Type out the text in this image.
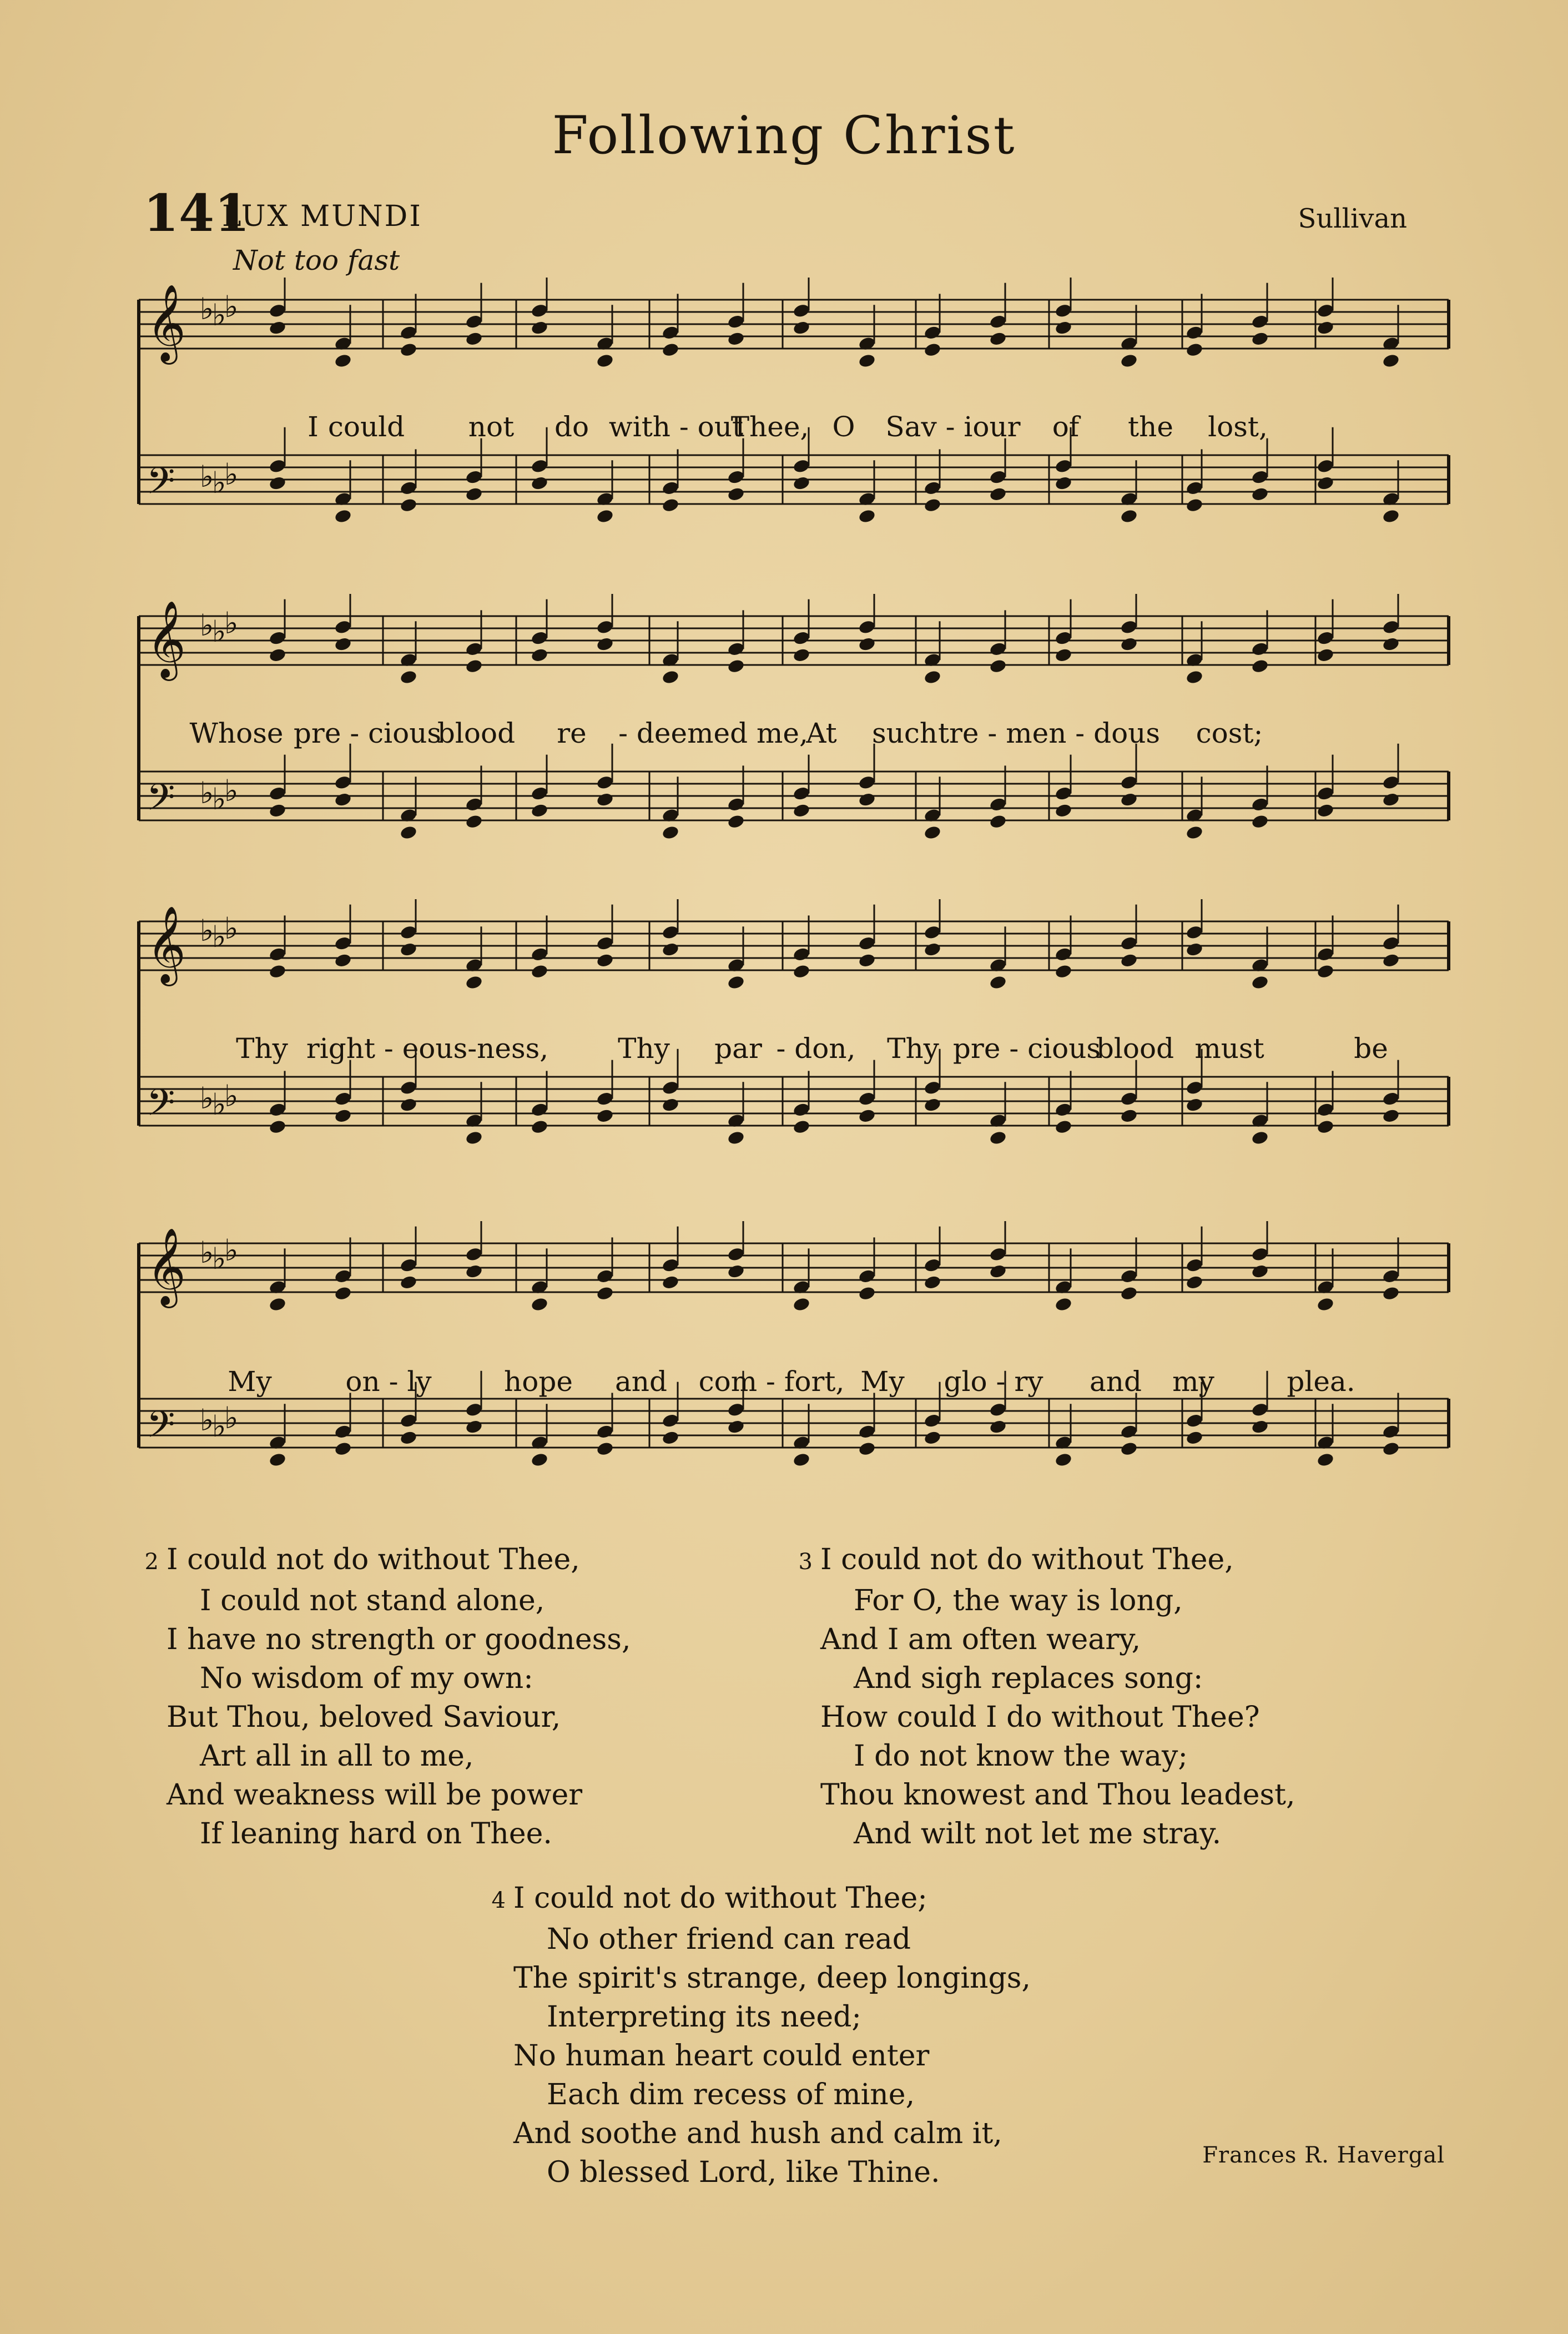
Following Christ
141
LUX MUNDI	Sullivan
Not too fast
𝄞 ♭
♭
♭
𝄢 ♭
♭
♭
I could not do with - out
Thee, O Sav - iour of the lost,
𝄞 ♭
♭
♭
𝄢 ♭
♭
♭
Whose pre - cious
blood re - deemed me,
At such tre - men - dous cost;
𝄞 ♭
♭
♭
𝄢 ♭
♭
♭
Thy right - eous-ness, Thy par - don, Thy pre - cious
blood must	be
𝄞 ♭
♭
♭
𝄢 ♭
♭
♭
My	on - ly	hope and com - fort, My glo - ry and my	plea.
2 I could not do without Thee,
I could not stand alone,
I have no strength or goodness,
No wisdom of my own:
But Thou, beloved Saviour,
Art all in all to me,
And weakness will be power
If leaning hard on Thee.
3 I could not do without Thee,
For O, the way is long,
And I am often weary,
And sigh replaces song:
How could I do without Thee?
I do not know the way;
Thou knowest and Thou leadest,
And wilt not let me stray.
4 I could not do without Thee;
No other friend can read
The spirit's strange, deep longings,
Interpreting its need;
No human heart could enter
Each dim recess of mine,
And soothe and hush and calm it,
O blessed Lord, like Thine.
Frances R. Havergal
